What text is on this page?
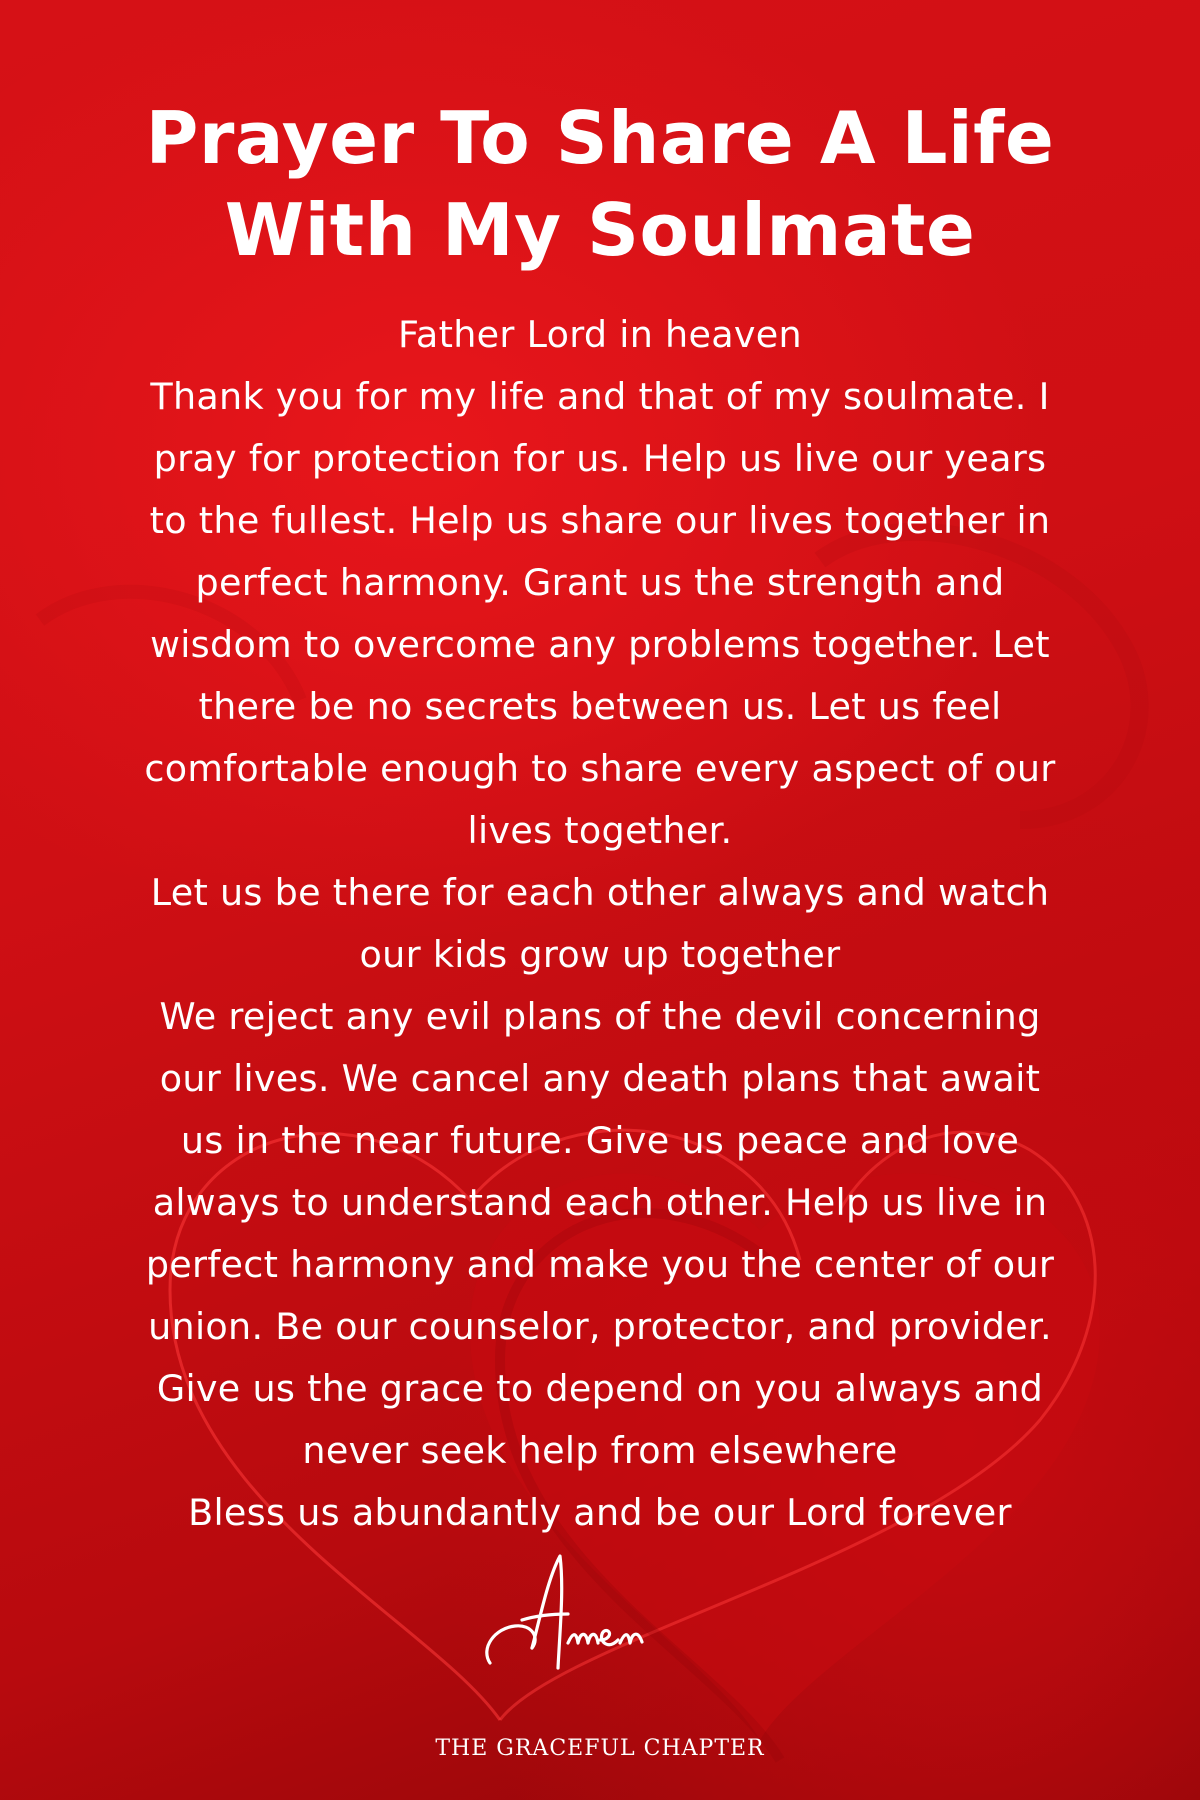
Prayer To Share A Life
With My Soulmate
Father Lord in heaven
Thank you for my life and that of my soulmate. I
pray for protection for us. Help us live our years
to the fullest. Help us share our lives together in
perfect harmony. Grant us the strength and
wisdom to overcome any problems together. Let
there be no secrets between us. Let us feel
comfortable enough to share every aspect of our
lives together.
Let us be there for each other always and watch
our kids grow up together
We reject any evil plans of the devil concerning
our lives. We cancel any death plans that await
us in the near future. Give us peace and love
always to understand each other. Help us live in
perfect harmony and make you the center of our
union. Be our counselor, protector, and provider.
Give us the grace to depend on you always and
never seek help from elsewhere
Bless us abundantly and be our Lord forever
THE GRACEFUL CHAPTER
